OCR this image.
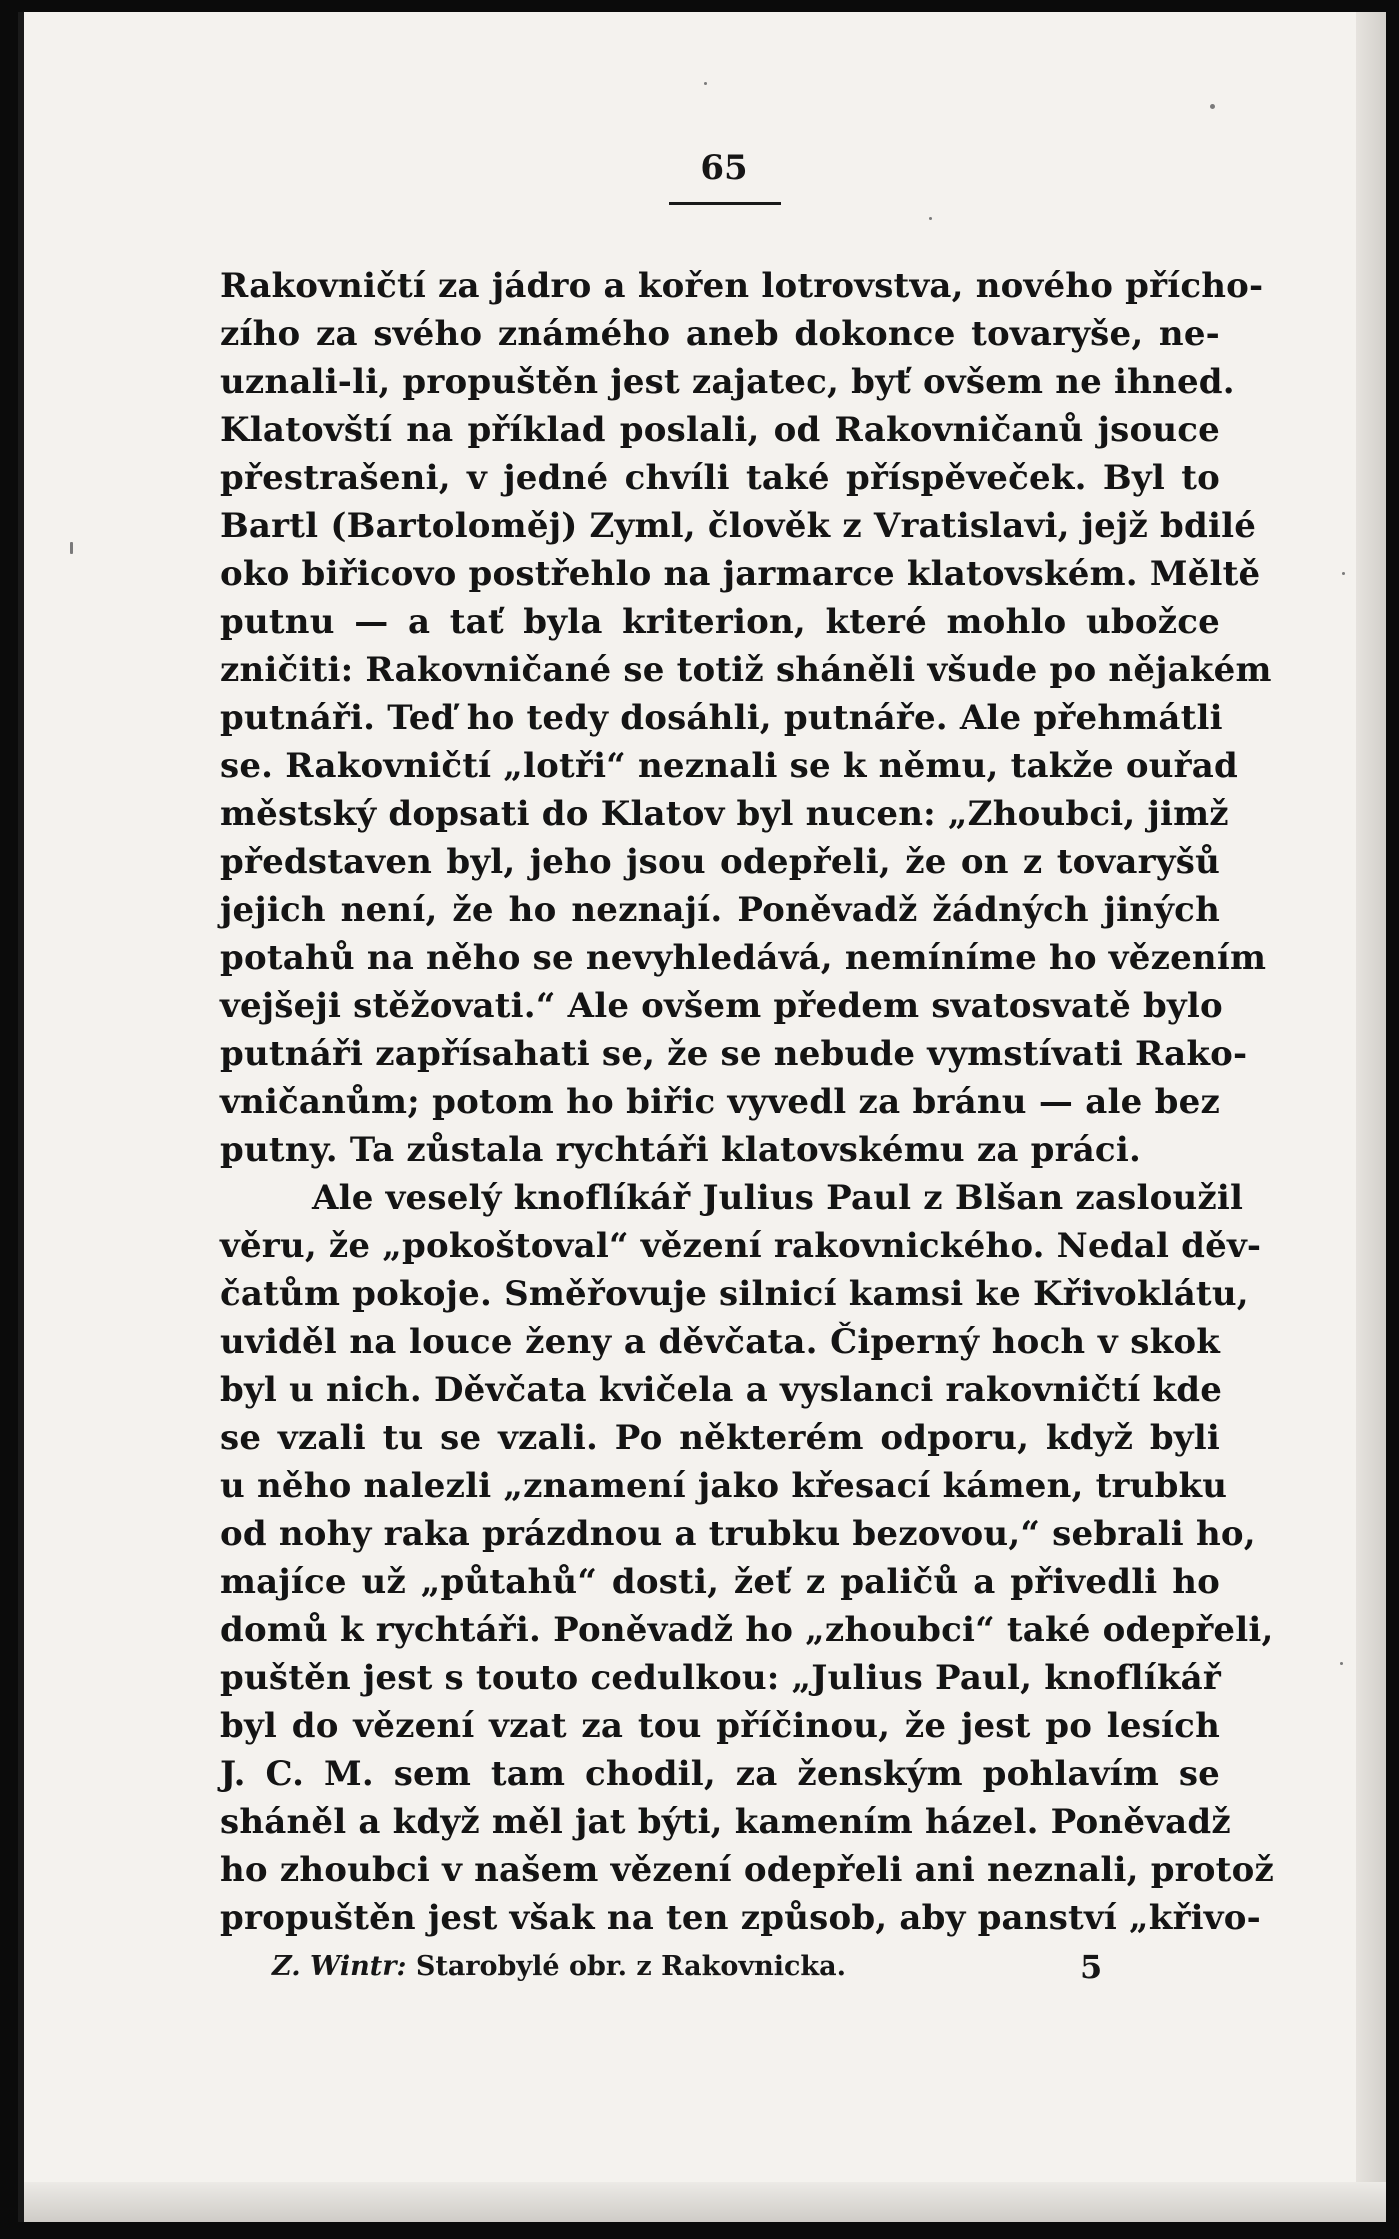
65
Rakovničtí za jádro a kořen lotrovstva, nového přícho-
zího za svého známého aneb dokonce tovaryše, ne-
uznali-li, propuštěn jest zajatec, byť ovšem ne ihned.
Klatovští na příklad poslali, od Rakovničanů jsouce
přestrašeni, v jedné chvíli také příspěveček. Byl to
Bartl (Bartoloměj) Zyml, člověk z Vratislavi, jejž bdilé
oko biřicovo postřehlo na jarmarce klatovském. Měltě
putnu — a tať byla kriterion, které mohlo ubožce
zničiti: Rakovničané se totiž sháněli všude po nějakém
putnáři. Teď ho tedy dosáhli, putnáře. Ale přehmátli
se. Rakovničtí „lotři“ neznali se k němu, takže ouřad
městský dopsati do Klatov byl nucen: „Zhoubci, jimž
představen byl, jeho jsou odepřeli, že on z tovaryšů
jejich není, že ho neznají. Poněvadž žádných jiných
potahů na něho se nevyhledává, nemíníme ho vězením
vejšeji stěžovati.“ Ale ovšem předem svatosvatě bylo
putnáři zapřísahati se, že se nebude vymstívati Rako-
vničanům; potom ho biřic vyvedl za bránu — ale bez
putny. Ta zůstala rychtáři klatovskému za práci.
Ale veselý knoflíkář Julius Paul z Blšan zasloužil
věru, že „pokoštoval“ vězení rakovnického. Nedal děv-
čatům pokoje. Směřovuje silnicí kamsi ke Křivoklátu,
uviděl na louce ženy a děvčata. Čiperný hoch v skok
byl u nich. Děvčata kvičela a vyslanci rakovničtí kde
se vzali tu se vzali. Po některém odporu, když byli
u něho nalezli „znamení jako křesací kámen, trubku
od nohy raka prázdnou a trubku bezovou,“ sebrali ho,
majíce už „půtahů“ dosti, žeť z paličů a přivedli ho
domů k rychtáři. Poněvadž ho „zhoubci“ také odepřeli,
puštěn jest s touto cedulkou: „Julius Paul, knoflíkář
byl do vězení vzat za tou příčinou, že jest po lesích
J. C. M. sem tam chodil, za ženským pohlavím se
sháněl a když měl jat býti, kamením házel. Poněvadž
ho zhoubci v našem vězení odepřeli ani neznali, protož
propuštěn jest však na ten způsob, aby panství „křivo-
Z. Wintr: Starobylé obr. z Rakovnicka.	5
